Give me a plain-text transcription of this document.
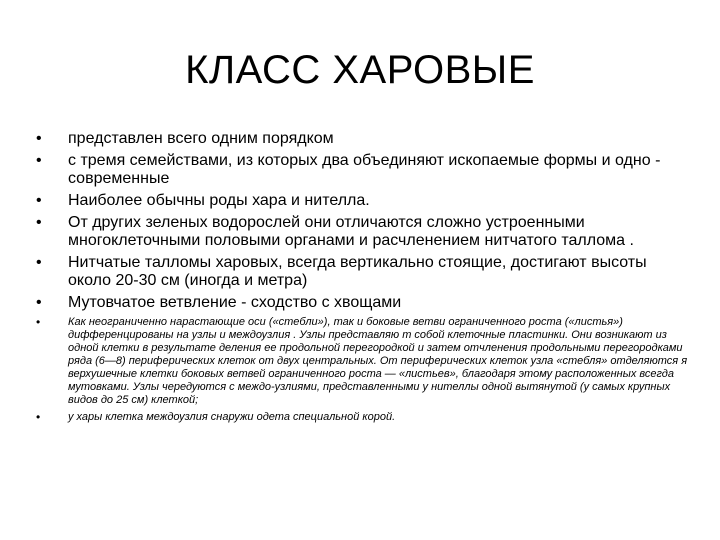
КЛАСС ХАРОВЫЕ
•	представлен всего одним порядком
•	с тремя семействами, из которых два объединяют ископаемые формы и одно - современные
•	Наиболее обычны роды хара и нителла.
•	От других зеленых водорослей они отличаются сложно устроенными многоклеточными половыми органами и расчленением нитчатого талломa .
•	Нитчатые талломы харовых, всегда вертикально стоящие, достигают высоты около 20-30 см (иногда и метра)
•	Мутовчатое ветвление - сходство с хвощами
•	Как неограниченно нарастающие оси («стебли»), так и боковые ветви ограниченного роста («листья») дифференцированы на узлы и междоузлия . Узлы представляю т собой клеточные пластинки. Они возникают из одной клетки в результате деления ее продольной перегородкой и затем отчленения продольными перегородками ряда (6—8) периферических клеток от двух центральных. От периферических клеток узла «стебля» отделяются я верхушечные клетки боковых ветвей ограниченного роста — «листьев», благодаря этому расположенных всегда мутовками. Узлы чередуются с междо-узлиями, представленными у нителлы одной вытянутой (у самых крупных видов до 25 см) клеткой;
•	у хары клетка междоузлия снаружи одета специальной корой.
